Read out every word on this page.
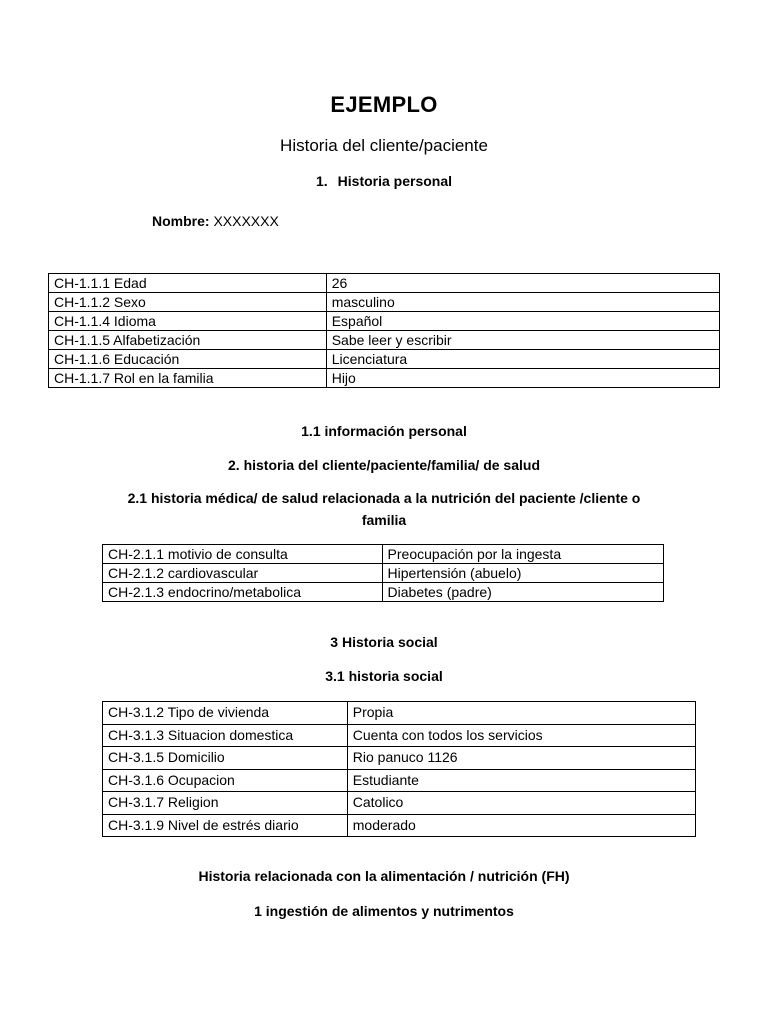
EJEMPLO
Historia del cliente/paciente
1. Historia personal
Nombre: XXXXXXX
CH-1.1.1 Edad	26
CH-1.1.2 Sexo	masculino
CH-1.1.4 Idioma	Español
CH-1.1.5 Alfabetización	Sabe leer y escribir
CH-1.1.6 Educación	Licenciatura
CH-1.1.7 Rol en la familia	Hijo
1.1 información personal
2. historia del cliente/paciente/familia/ de salud
2.1 historia médica/ de salud relacionada a la nutrición del paciente /cliente o
familia
CH-2.1.1 motivio de consulta	Preocupación por la ingesta
CH-2.1.2 cardiovascular	Hipertensión (abuelo)
CH-2.1.3 endocrino/metabolica	Diabetes (padre)
3 Historia social
3.1 historia social
CH-3.1.2 Tipo de vivienda	Propia
CH-3.1.3 Situacion domestica	Cuenta con todos los servicios
CH-3.1.5 Domicilio	Rio panuco 1126
CH-3.1.6 Ocupacion	Estudiante
CH-3.1.7 Religion	Catolico
CH-3.1.9 Nivel de estrés diario	moderado
Historia relacionada con la alimentación / nutrición (FH)
1 ingestión de alimentos y nutrimentos
